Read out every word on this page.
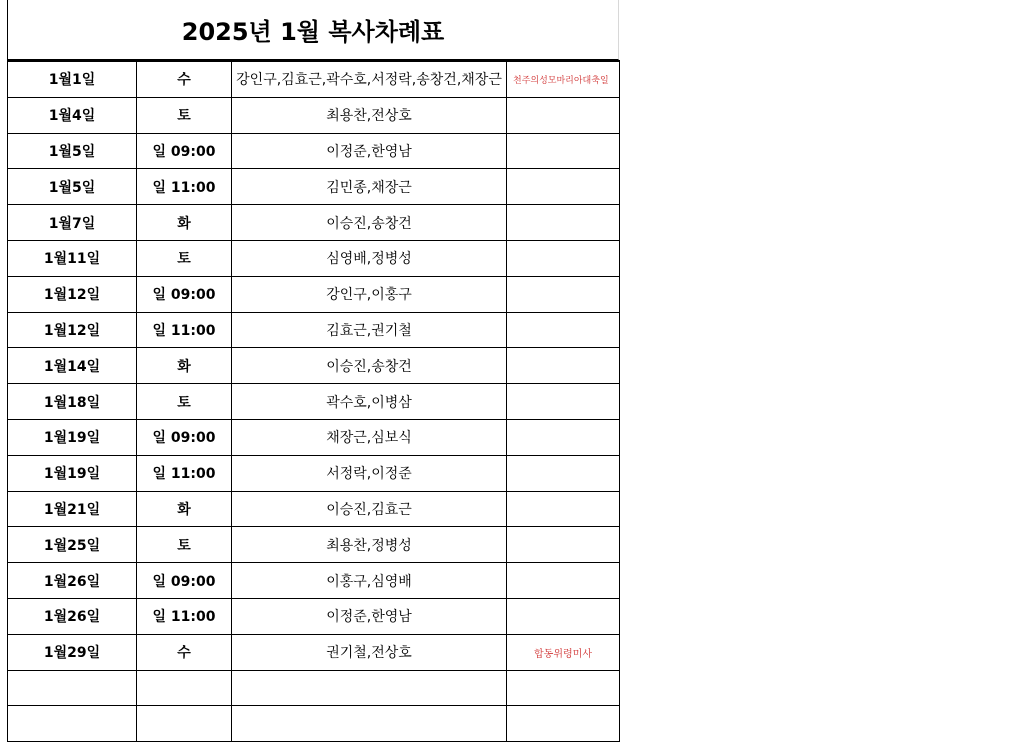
2025년 1월 복사차례표
1월1일	수	강인구,김효근,곽수호,서정락,송창건,채장근	천주의성모마리아대축일
1월4일	토	최용찬,전상호	
1월5일	일 09:00	이정준,한영남	
1월5일	일 11:00	김민종,채장근	
1월7일	화	이승진,송창건	
1월11일	토	심영배,정병성	
1월12일	일 09:00	강인구,이홍구	
1월12일	일 11:00	김효근,권기철	
1월14일	화	이승진,송창건	
1월18일	토	곽수호,이병삼	
1월19일	일 09:00	채장근,심보식	
1월19일	일 11:00	서정락,이정준	
1월21일	화	이승진,김효근	
1월25일	토	최용찬,정병성	
1월26일	일 09:00	이홍구,심영배	
1월26일	일 11:00	이정준,한영남	
1월29일	수	권기철,전상호	합동위령미사
